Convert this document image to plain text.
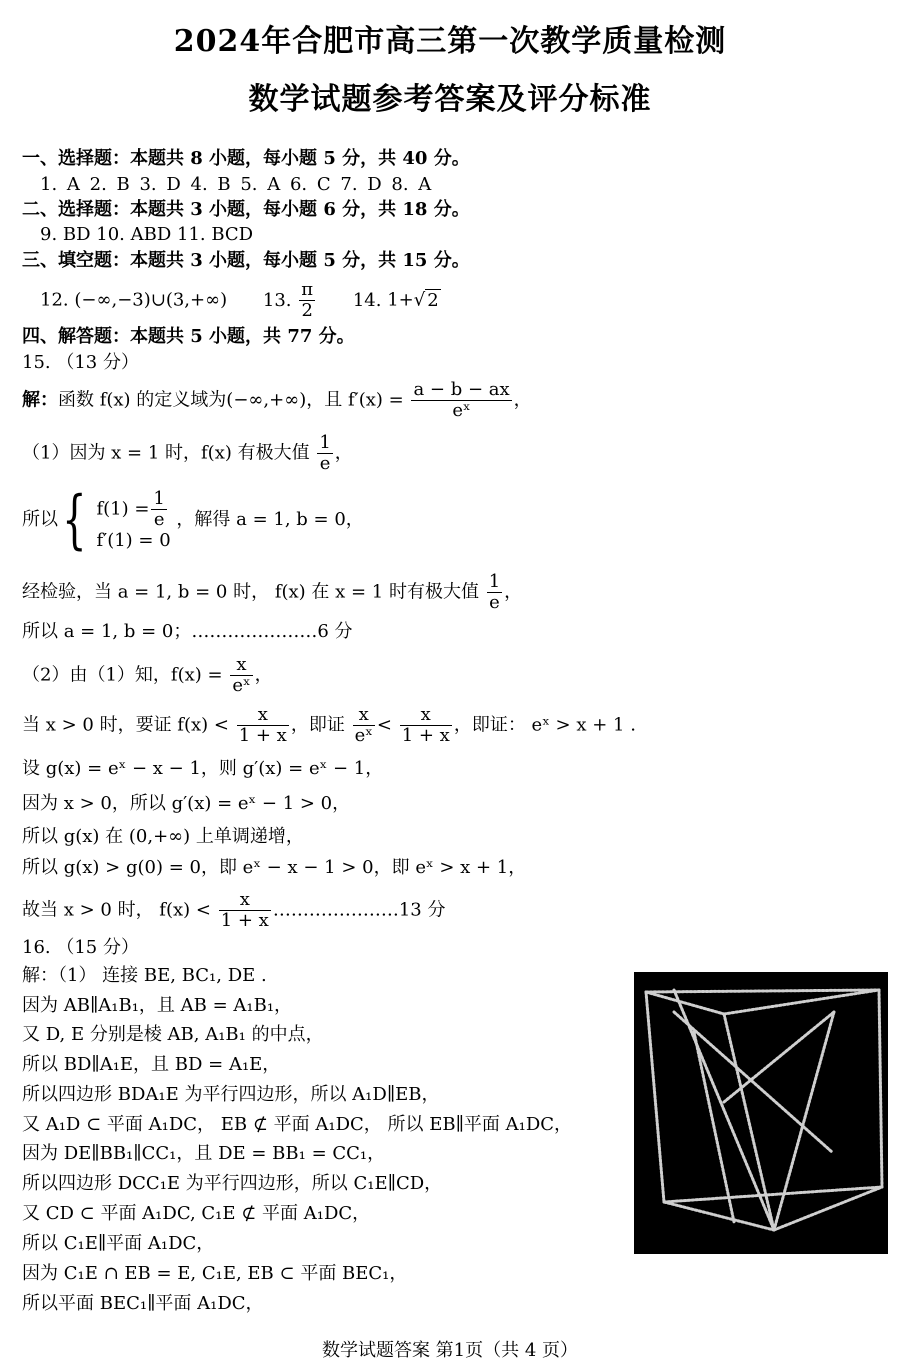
2024年合肥市高三第一次教学质量检测
数学试题参考答案及评分标准
一、选择题：本题共 8 小题，每小题 5 分，共 40 分。
1. A 2. B 3. D 4. B 5. A 6. C 7. D 8. A
二、选择题：本题共 3 小题，每小题 6 分，共 18 分。
9. BD 10. ABD 11. BCD
三、填空题：本题共 3 小题，每小题 5 分，共 15 分。
12. (−∞,−3)∪(3,+∞) 13. $\frac{\pi}{2} 14$. 1+√ 2
四、解答题：本题共 5 小题，共 77 分。
15. （13 分）
解：函数 f(x) 的定义域为(−∞,+∞)，且 $f'(x) = \frac{a - b - ax}{\text{eˣ}}$ ，
（1）因为 x = 1 时，f(x) 有极大值 $\frac{1}{e}$ ，
所以{ $f(1) = \frac{1}{e}$
f′(1) = 0
，解得 a = 1, b = 0，
经检验，当 a = 1, b = 0 时， f(x) 在 x = 1 时有极大值 $\frac{1}{e}$ ，
所以 a = 1, b = 0；…………………6 分
（2）由（1）知，$f(x) = \frac{x}{\text{eˣ}}$ ，
当 x > 0 时，要证 $f(x) < \frac{x}{1 + x}$ ，即证 $\frac{x}{\text{eˣ}} < \frac{x}{1 + x}$ ，即证： eˣ > x + 1 .
设 g(x) = eˣ − x − 1，则 g′(x) = eˣ − 1，
因为 x > 0，所以 g′(x) = eˣ − 1 > 0，
所以 g(x) 在 (0,+∞) 上单调递增，
所以 g(x) > g(0) = 0，即 eˣ − x − 1 > 0，即 eˣ > x + 1，
故当 x > 0 时， $f(x) < \frac{x}{1 + x}$ …………………13 分
16. （15 分）
解：（1） 连接 BE, BC₁, DE .
因为 AB∥A₁B₁，且 AB = A₁B₁，
又 D, E 分别是棱 AB, A₁B₁ 的中点，
所以 BD∥A₁E，且 BD = A₁E，
所以四边形 BDA₁E 为平行四边形，所以 A₁D∥EB，
又 A₁D ⊂ 平面 A₁DC， EB ⊄ 平面 A₁DC， 所以 EB∥平面 A₁DC，
因为 DE∥BB₁∥CC₁，且 DE = BB₁ = CC₁，
所以四边形 DCC₁E 为平行四边形，所以 C₁E∥CD，
又 CD ⊂ 平面 A₁DC, C₁E ⊄ 平面 A₁DC，
所以 C₁E∥平面 A₁DC，
因为 C₁E ∩ EB = E, C₁E, EB ⊂ 平面 BEC₁，
所以平面 BEC₁∥平面 A₁DC，
数学试题答案 第1页（共 4 页）
